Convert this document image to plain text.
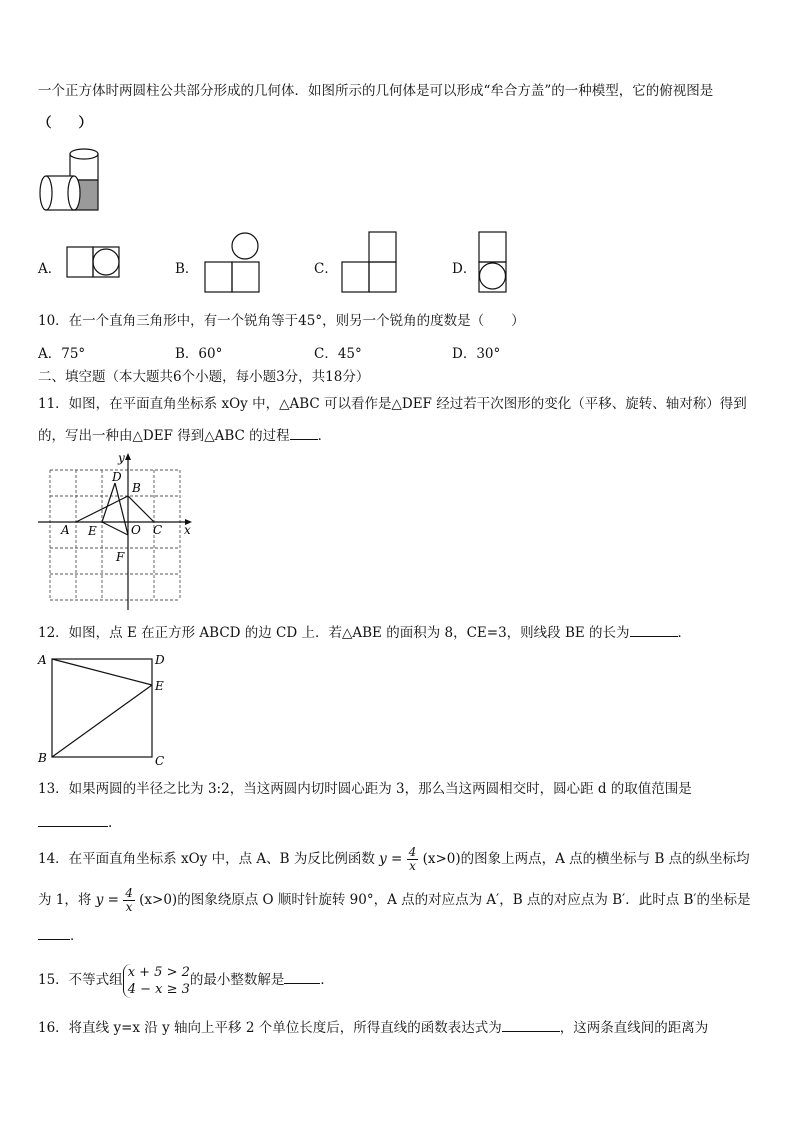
一个正方体时两圆柱公共部分形成的几何体．如图所示的几何体是可以形成“牟合方盖”的一种模型，它的俯视图是
（　　）
A．	B．	C．	D．
10．在一个直角三角形中，有一个锐角等于45°，则另一个锐角的度数是（　　）
A．75°	B．60°	C．45°	D．30°
二、填空题（本大题共6个小题，每小题3分，共18分）
11．如图，在平面直角坐标系 xOy 中，△ABC 可以看作是△DEF 经过若干次图形的变化（平移、旋转、轴对称）得到
的，写出一种由△DEF 得到△ABC 的过程 ．
y
x
D
B
A E	O C
F
12．如图，点 E 在正方形 ABCD 的边 CD 上．若△ABE 的面积为 8，CE=3，则线段 BE 的长为	．
A	D
E
B	C
13．如果两圆的半径之比为 3:2，当这两圆内切时圆心距为 3，那么当这两圆相交时，圆心距 d 的取值范围是
.
14．在平面直角坐标系 xOy 中，点 A、B 为反比例函数 $y = \frac{4}{x} (x>0)$的图象上两点，A 点的横坐标与 B 点的纵坐标均
为 1，将 $y = \frac{4}{x} (x>0)$的图象绕原点 O 顺时针旋转 90°，A 点的对应点为 A′，B 点的对应点为 B′．此时点 B′的坐标是
．
15．不等式组 x + 5 > 2
4 − x ≥ 3
的最小整数解是	．
16．将直线 y=x 沿 y 轴向上平移 2 个单位长度后，所得直线的函数表达式为	，这两条直线间的距离为
